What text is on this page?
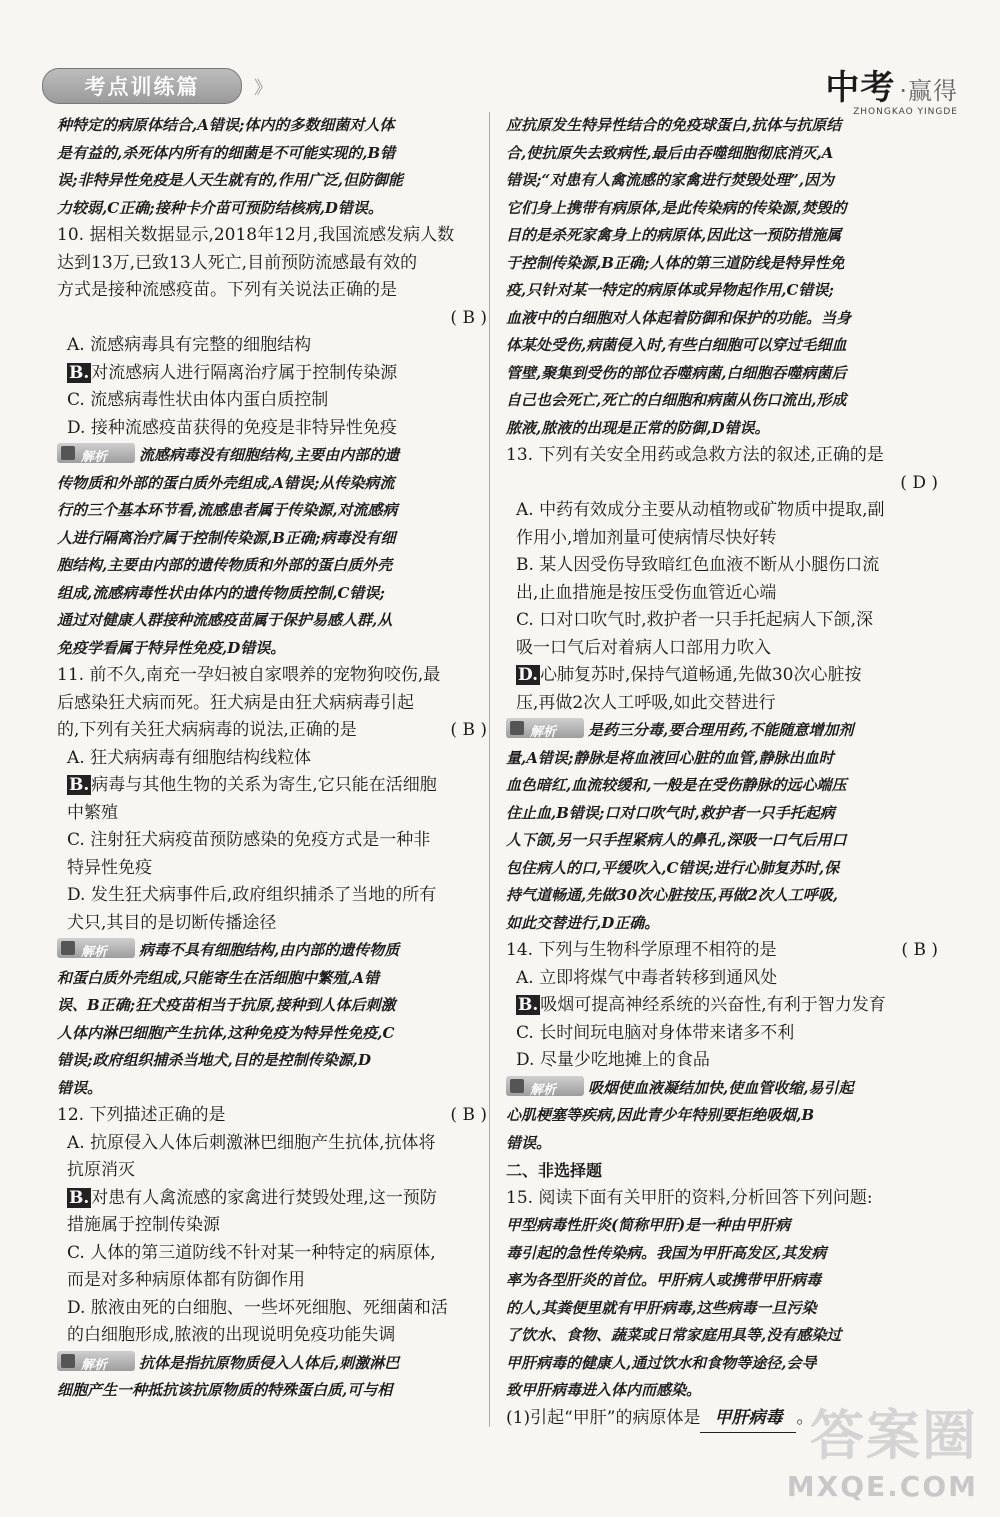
考点训练篇	》	中考 ·赢得
ZHONGKAO YINGDE
种特定的病原体结合,A错误;体内的多数细菌对人体
是有益的,杀死体内所有的细菌是不可能实现的,B错
误;非特异性免疫是人天生就有的,作用广泛,但防御能
力较弱,C正确;接种卡介苗可预防结核病,D错误。
10. 据相关数据显示,2018年12月,我国流感发病人数
达到13万,已致13人死亡,目前预防流感最有效的
方式是接种流感疫苗。下列有关说法正确的是
( B )
A. 流感病毒具有完整的细胞结构
B. 对流感病人进行隔离治疗属于控制传染源
C. 流感病毒性状由体内蛋白质控制
D. 接种流感疫苗获得的免疫是非特异性免疫
解析流感病毒没有细胞结构,主要由内部的遗
传物质和外部的蛋白质外壳组成,A错误;从传染病流
行的三个基本环节看,流感患者属于传染源,对流感病
人进行隔离治疗属于控制传染源,B正确;病毒没有细
胞结构,主要由内部的遗传物质和外部的蛋白质外壳
组成,流感病毒性状由体内的遗传物质控制,C错误;
通过对健康人群接种流感疫苗属于保护易感人群,从
免疫学看属于特异性免疫,D错误。
11. 前不久,南充一孕妇被自家喂养的宠物狗咬伤,最
后感染狂犬病而死。狂犬病是由狂犬病病毒引起
的,下列有关狂犬病病毒的说法,正确的是	( B )
A. 狂犬病病毒有细胞结构线粒体
B. 病毒与其他生物的关系为寄生,它只能在活细胞
中繁殖
C. 注射狂犬病疫苗预防感染的免疫方式是一种非
特异性免疫
D. 发生狂犬病事件后,政府组织捕杀了当地的所有
犬只,其目的是切断传播途径
解析病毒不具有细胞结构,由内部的遗传物质
和蛋白质外壳组成,只能寄生在活细胞中繁殖,A错
误、B正确;狂犬疫苗相当于抗原,接种到人体后刺激
人体内淋巴细胞产生抗体,这种免疫为特异性免疫,C
错误;政府组织捕杀当地犬,目的是控制传染源,D
错误。
12. 下列描述正确的是	( B )
A. 抗原侵入人体后刺激淋巴细胞产生抗体,抗体将
抗原消灭
B. 对患有人禽流感的家禽进行焚毁处理,这一预防
措施属于控制传染源
C. 人体的第三道防线不针对某一种特定的病原体,
而是对多种病原体都有防御作用
D. 脓液由死的白细胞、一些坏死细胞、死细菌和活
的白细胞形成,脓液的出现说明免疫功能失调
解析抗体是指抗原物质侵入人体后,刺激淋巴
细胞产生一种抵抗该抗原物质的特殊蛋白质,可与相
应抗原发生特异性结合的免疫球蛋白,抗体与抗原结
合,使抗原失去致病性,最后由吞噬细胞彻底消灭,A
错误;“对患有人禽流感的家禽进行焚毁处理”,因为
它们身上携带有病原体,是此传染病的传染源,焚毁的
目的是杀死家禽身上的病原体,因此这一预防措施属
于控制传染源,B正确;人体的第三道防线是特异性免
疫,只针对某一特定的病原体或异物起作用,C错误;
血液中的白细胞对人体起着防御和保护的功能。当身
体某处受伤,病菌侵入时,有些白细胞可以穿过毛细血
管壁,聚集到受伤的部位吞噬病菌,白细胞吞噬病菌后
自己也会死亡,死亡的白细胞和病菌从伤口流出,形成
脓液,脓液的出现是正常的防御,D错误。
13. 下列有关安全用药或急救方法的叙述,正确的是
( D )
A. 中药有效成分主要从动植物或矿物质中提取,副
作用小,增加剂量可使病情尽快好转
B. 某人因受伤导致暗红色血液不断从小腿伤口流
出,止血措施是按压受伤血管近心端
C. 口对口吹气时,救护者一只手托起病人下颌,深
吸一口气后对着病人口部用力吹入
D. 心肺复苏时,保持气道畅通,先做30次心脏按
压,再做2次人工呼吸,如此交替进行
解析是药三分毒,要合理用药,不能随意增加剂
量,A错误;静脉是将血液回心脏的血管,静脉出血时
血色暗红,血流较缓和,一般是在受伤静脉的远心端压
住止血,B错误;口对口吹气时,救护者一只手托起病
人下颌,另一只手捏紧病人的鼻孔,深吸一口气后用口
包住病人的口,平缓吹入,C错误;进行心肺复苏时,保
持气道畅通,先做30次心脏按压,再做2次人工呼吸,
如此交替进行,D正确。
14. 下列与生物科学原理不相符的是	( B )
A. 立即将煤气中毒者转移到通风处
B. 吸烟可提高神经系统的兴奋性,有利于智力发育
C. 长时间玩电脑对身体带来诸多不利
D. 尽量少吃地摊上的食品
解析吸烟使血液凝结加快,使血管收缩,易引起
心肌梗塞等疾病,因此青少年特别要拒绝吸烟,B
错误。
二、非选择题
15. 阅读下面有关甲肝的资料,分析回答下列问题:
甲型病毒性肝炎(简称甲肝)是一种由甲肝病
毒引起的急性传染病。我国为甲肝高发区,其发病
率为各型肝炎的首位。甲肝病人或携带甲肝病毒
的人,其粪便里就有甲肝病毒,这些病毒一旦污染
了饮水、食物、蔬菜或日常家庭用具等,没有感染过
甲肝病毒的健康人,通过饮水和食物等途径,会导
致甲肝病毒进入体内而感染。
(1)引起“甲肝”的病原体是 甲肝病毒 。
答案圈
MXQE.COM
